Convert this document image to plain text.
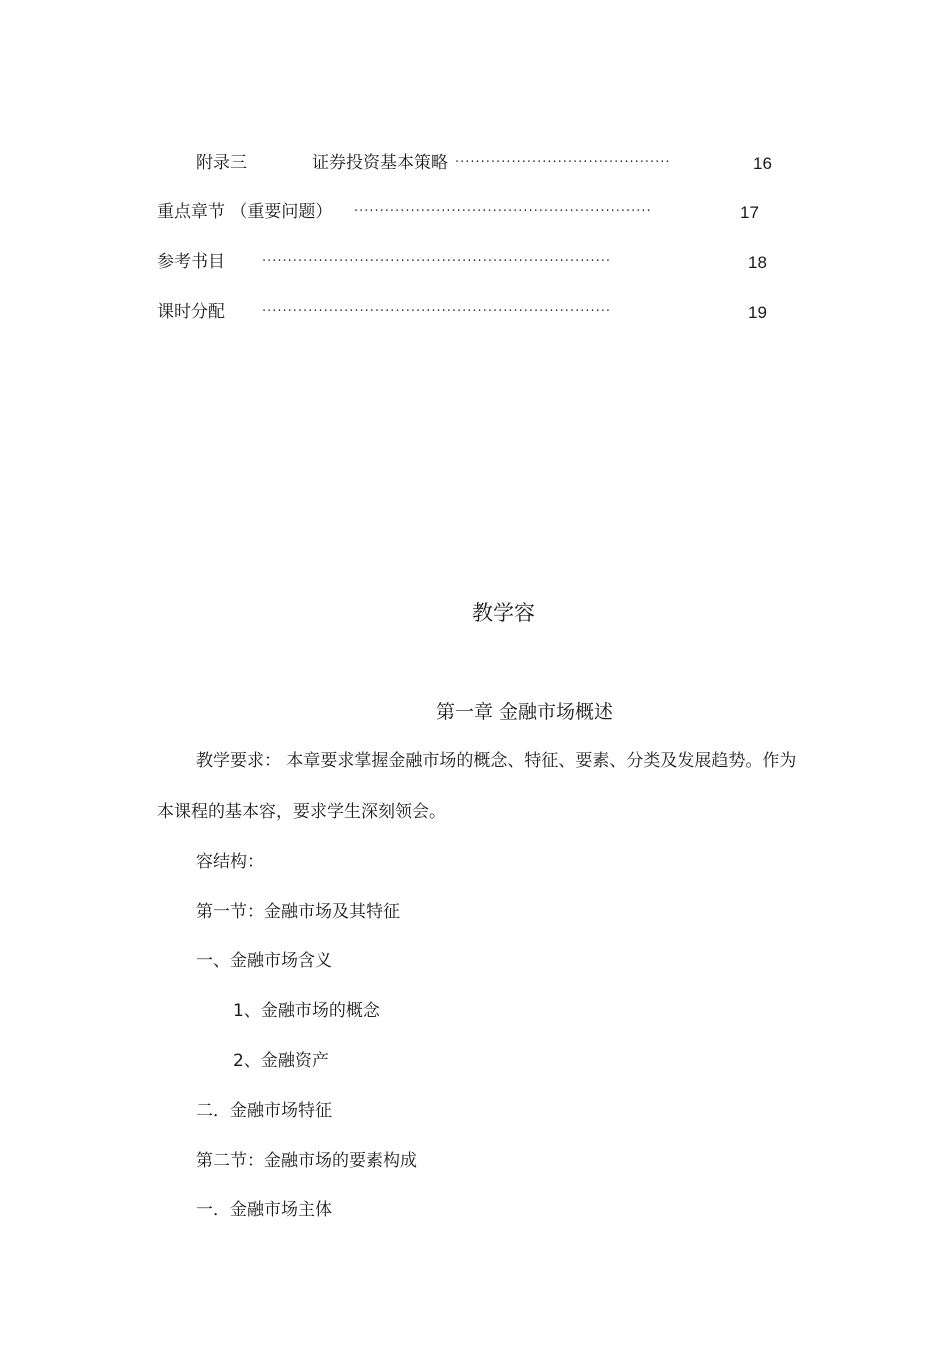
附录三	证券投资基本策略 ··········································	16
重点章节 （重要问题） ··························································	17
参考书目	····································································	18
课时分配	····································································	19
教学容
第一章 金融市场概述
教学要求： 本章要求掌握金融市场的概念、特征、要素、分类及发展趋势。作为
本课程的基本容，要求学生深刻领会。
容结构：
第一节：金融市场及其特征
一、金融市场含义
1、金融市场的概念
2、金融资产
二．金融市场特征
第二节：金融市场的要素构成
一．金融市场主体
